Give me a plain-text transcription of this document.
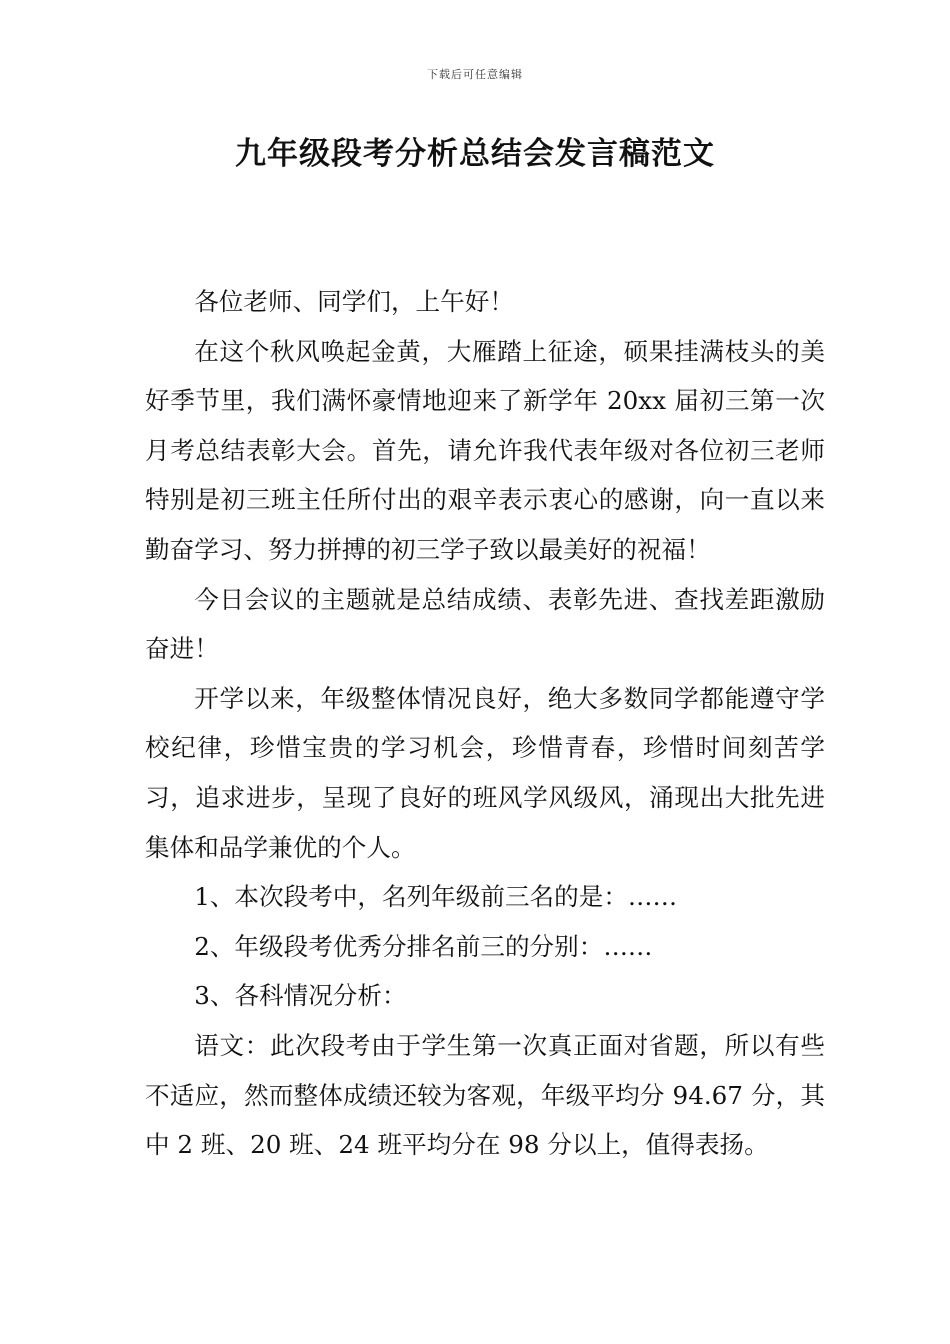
下载后可任意编辑
九年级段考分析总结会发言稿范文

各位老师、同学们，上午好！

在这个秋风唤起金黄，大雁踏上征途，硕果挂满枝头的美好季节里，我们满怀豪情地迎来了新学年 20xx 届初三第一次月考总结表彰大会。首先，请允许我代表年级对各位初三老师特别是初三班主任所付出的艰辛表示衷心的感谢，向一直以来勤奋学习、努力拼搏的初三学子致以最美好的祝福！

今日会议的主题就是总结成绩、表彰先进、查找差距激励奋进！

开学以来，年级整体情况良好，绝大多数同学都能遵守学校纪律，珍惜宝贵的学习机会，珍惜青春，珍惜时间刻苦学习，追求进步，呈现了良好的班风学风级风，涌现出大批先进集体和品学兼优的个人。

1、本次段考中，名列年级前三名的是：……

2、年级段考优秀分排名前三的分别：……

3、各科情况分析：

语文：此次段考由于学生第一次真正面对省题，所以有些不适应，然而整体成绩还较为客观，年级平均分 94.67 分，其中 2 班、20 班、24 班平均分在 98 分以上，值得表扬。
